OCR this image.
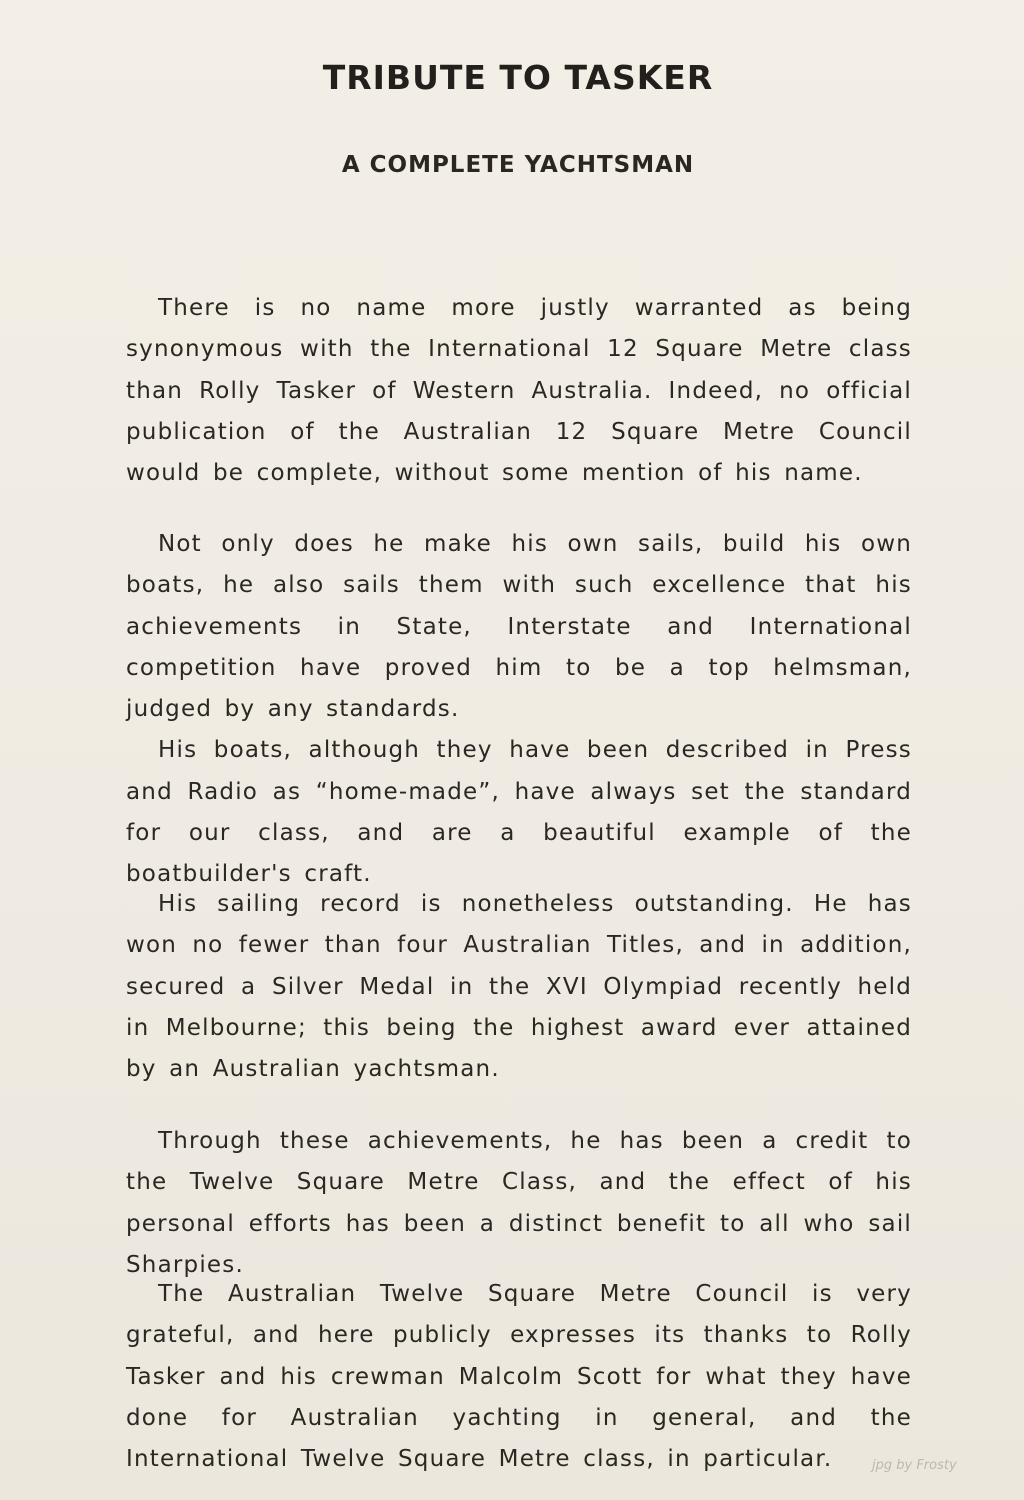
TRIBUTE TO TASKER
A COMPLETE YACHTSMAN

There is no name more justly warranted as being synonymous with the International 12 Square Metre class than Rolly Tasker of Western Australia. Indeed, no official publication of the Australian 12 Square Metre Council would be complete, without some mention of his name.

Not only does he make his own sails, build his own boats, he also sails them with such excellence that his achievements in State, Interstate and International competition have proved him to be a top helmsman, judged by any standards.

His boats, although they have been described in Press and Radio as “home-made”, have always set the standard for our class, and are a beautiful example of the boatbuilder's craft.

His sailing record is nonetheless outstanding. He has won no fewer than four Australian Titles, and in addition, secured a Silver Medal in the XVI Olympiad recently held in Melbourne; this being the highest award ever attained by an Australian yachtsman.

Through these achievements, he has been a credit to the Twelve Square Metre Class, and the effect of his personal efforts has been a distinct benefit to all who sail Sharpies.

The Australian Twelve Square Metre Council is very grateful, and here publicly expresses its thanks to Rolly Tasker and his crewman Malcolm Scott for what they have done for Australian yachting in general, and the International Twelve Square Metre class, in particular.	jpg by Frosty
